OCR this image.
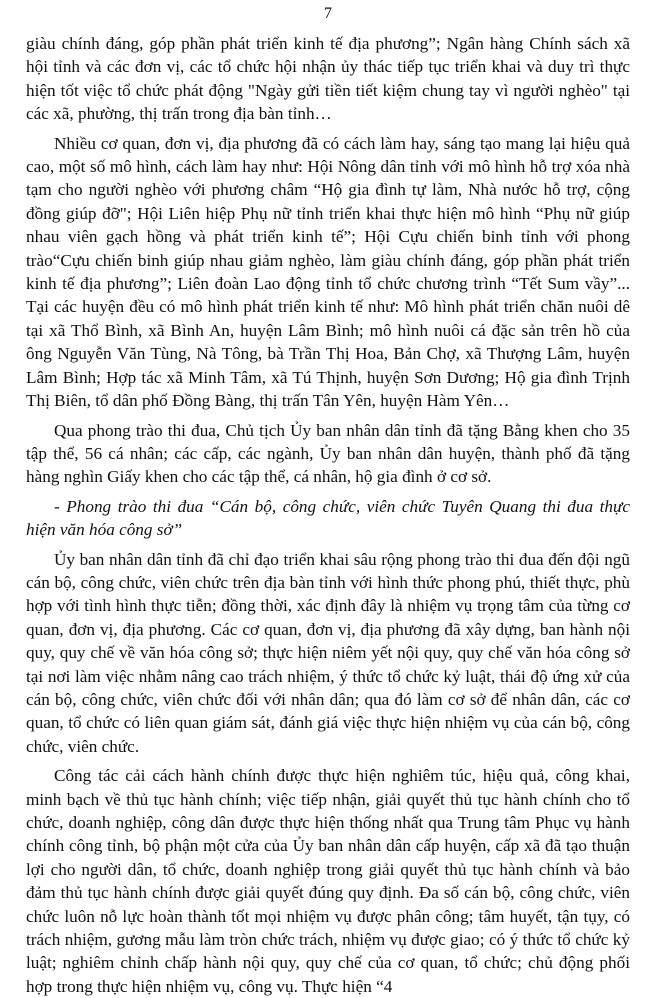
7

giàu chính đáng, góp phần phát triển kinh tế địa phương”; Ngân hàng Chính sách xã hội tỉnh và các đơn vị, các tổ chức hội nhận ủy thác tiếp tục triển khai và duy trì thực hiện tốt việc tổ chức phát động "Ngày gửi tiền tiết kiệm chung tay vì người nghèo" tại các xã, phường, thị trấn trong địa bàn tỉnh…

Nhiều cơ quan, đơn vị, địa phương đã có cách làm hay, sáng tạo mang lại hiệu quả cao, một số mô hình, cách làm hay như: Hội Nông dân tỉnh với mô hình hỗ trợ xóa nhà tạm cho người nghèo với phương châm “Hộ gia đình tự làm, Nhà nước hỗ trợ, cộng đồng giúp đỡ"; Hội Liên hiệp Phụ nữ tỉnh triển khai thực hiện mô hình “Phụ nữ giúp nhau viên gạch hồng và phát triển kinh tế”; Hội Cựu chiến binh tỉnh với phong trào“Cựu chiến binh giúp nhau giảm nghèo, làm giàu chính đáng, góp phần phát triển kinh tế địa phương”; Liên đoàn Lao động tỉnh tổ chức chương trình “Tết Sum vầy”... Tại các huyện đều có mô hình phát triển kinh tế như: Mô hình phát triển chăn nuôi dê tại xã Thổ Bình, xã Bình An, huyện Lâm Bình; mô hình nuôi cá đặc sản trên hồ của ông Nguyễn Văn Tùng, Nà Tông, bà Trần Thị Hoa, Bản Chợ, xã Thượng Lâm, huyện Lâm Bình; Hợp tác xã Minh Tâm, xã Tú Thịnh, huyện Sơn Dương; Hộ gia đình Trịnh Thị Biên, tổ dân phố Đồng Bàng, thị trấn Tân Yên, huyện Hàm Yên…

Qua phong trào thi đua, Chủ tịch Ủy ban nhân dân tỉnh đã tặng Bằng khen cho 35 tập thể, 56 cá nhân; các cấp, các ngành, Ủy ban nhân dân huyện, thành phố đã tặng hàng nghìn Giấy khen cho các tập thể, cá nhân, hộ gia đình ở cơ sở.

- Phong trào thi đua “Cán bộ, công chức, viên chức Tuyên Quang thi đua thực hiện văn hóa công sở”

Ủy ban nhân dân tỉnh đã chỉ đạo triển khai sâu rộng phong trào thi đua đến đội ngũ cán bộ, công chức, viên chức trên địa bàn tỉnh với hình thức phong phú, thiết thực, phù hợp với tình hình thực tiễn; đồng thời, xác định đây là nhiệm vụ trọng tâm của từng cơ quan, đơn vị, địa phương. Các cơ quan, đơn vị, địa phương đã xây dựng, ban hành nội quy, quy chế về văn hóa công sở; thực hiện niêm yết nội quy, quy chế văn hóa công sở tại nơi làm việc nhằm nâng cao trách nhiệm, ý thức tổ chức kỷ luật, thái độ ứng xử của cán bộ, công chức, viên chức đối với nhân dân; qua đó làm cơ sở để nhân dân, các cơ quan, tổ chức có liên quan giám sát, đánh giá việc thực hiện nhiệm vụ của cán bộ, công chức, viên chức.

Công tác cải cách hành chính được thực hiện nghiêm túc, hiệu quả, công khai, minh bạch về thủ tục hành chính; việc tiếp nhận, giải quyết thủ tục hành chính cho tổ chức, doanh nghiệp, công dân được thực hiện thống nhất qua Trung tâm Phục vụ hành chính công tỉnh, bộ phận một cửa của Ủy ban nhân dân cấp huyện, cấp xã đã tạo thuận lợi cho người dân, tổ chức, doanh nghiệp trong giải quyết thủ tục hành chính và bảo đảm thủ tục hành chính được giải quyết đúng quy định. Đa số cán bộ, công chức, viên chức luôn nỗ lực hoàn thành tốt mọi nhiệm vụ được phân công; tâm huyết, tận tụy, có trách nhiệm, gương mẫu làm tròn chức trách, nhiệm vụ được giao; có ý thức tổ chức kỷ luật; nghiêm chỉnh chấp hành nội quy, quy chế của cơ quan, tổ chức; chủ động phối hợp trong thực hiện nhiệm vụ, công vụ. Thực hiện “4
